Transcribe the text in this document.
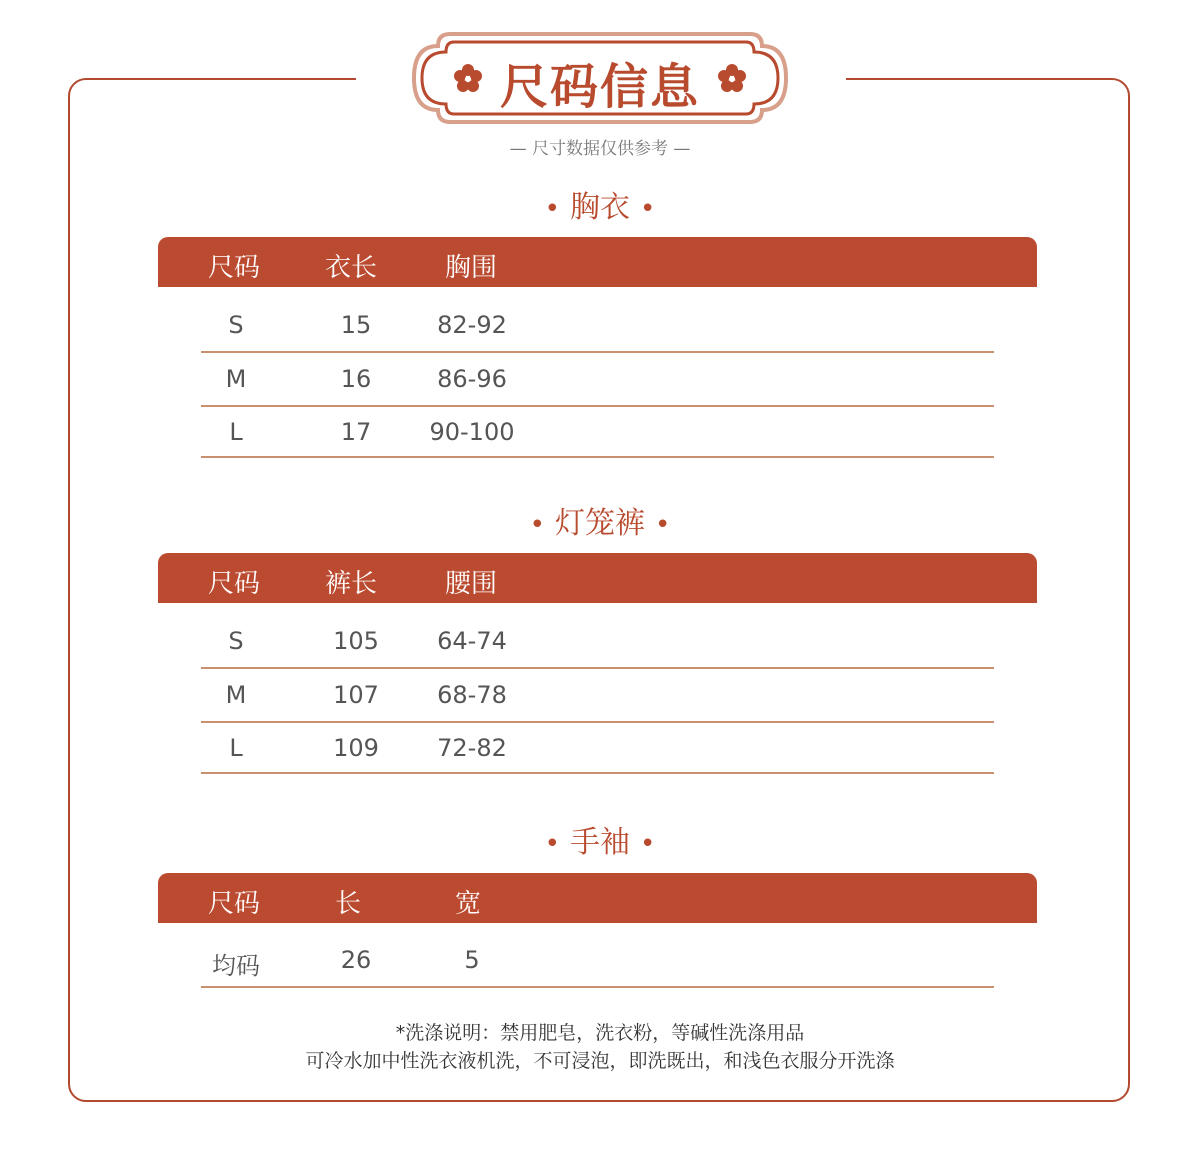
尺码信息
— 尺寸数据仅供参考 —
• 胸衣 •
尺码 衣长	胸围
S	15	82-92
M	16	86-96
L	17	90-100
• 灯笼裤 •
尺码 裤长	腰围
S	105	64-74
M	107	68-78
L	109	72-82
• 手袖 •
尺码	长	宽
均码	26	5
*洗涤说明：禁用肥皂，洗衣粉，等碱性洗涤用品
可冷水加中性洗衣液机洗，不可浸泡，即洗既出，和浅色衣服分开洗涤
